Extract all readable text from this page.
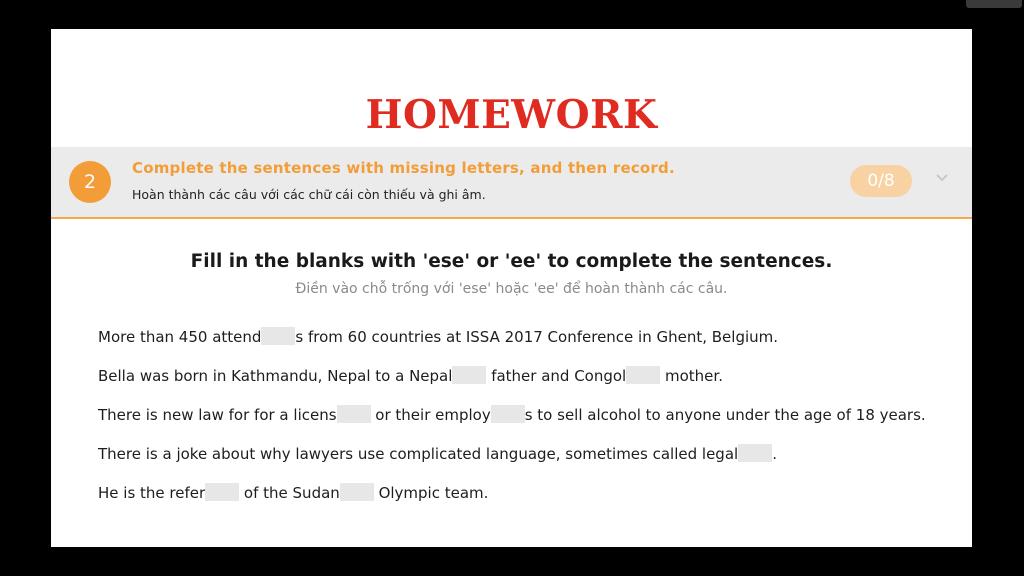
HOMEWORK
2
Complete the sentences with missing letters, and then record.
Hoàn thành các câu với các chữ cái còn thiếu và ghi âm.
0/8
Fill in the blanks with 'ese' or 'ee' to complete the sentences.
Điền vào chỗ trống với 'ese' hoặc 'ee' để hoàn thành các câu.
More than 450 attend s from 60 countries at ISSA 2017 Conference in Ghent, Belgium.
Bella was born in Kathmandu, Nepal to a Nepal father and Congol mother.
There is new law for for a licens or their employ s to sell alcohol to anyone under the age of 18 years.
There is a joke about why lawyers use complicated language, sometimes called legal .
He is the refer of the Sudan Olympic team.
